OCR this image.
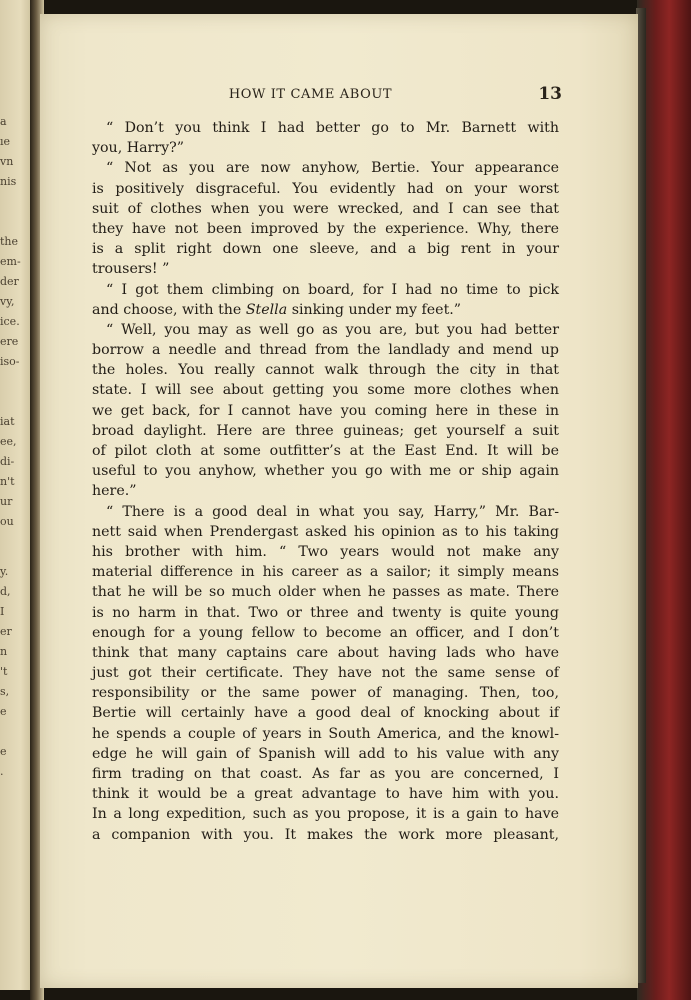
a
ıe
vn
nis
the
em-
der
vy,
ice.
ere
iso-
iat
ee,
di-
n't
ur
ou
y.
d,
I
er
n
't
s,
e
e
.
HOW IT CAME ABOUT	13
“ Don’t you think I had better go to Mr. Barnett with
you, Harry?”
“ Not as you are now anyhow, Bertie. Your appearance
is positively disgraceful. You evidently had on your worst
suit of clothes when you were wrecked, and I can see that
they have not been improved by the experience. Why, there
is a split right down one sleeve, and a big rent in your
trousers! ”
“ I got them climbing on board, for I had no time to pick
and choose, with the Stella sinking under my feet.”
“ Well, you may as well go as you are, but you had better
borrow a needle and thread from the landlady and mend up
the holes. You really cannot walk through the city in that
state. I will see about getting you some more clothes when
we get back, for I cannot have you coming here in these in
broad daylight. Here are three guineas; get yourself a suit
of pilot cloth at some outfitter’s at the East End. It will be
useful to you anyhow, whether you go with me or ship again
here.”
“ There is a good deal in what you say, Harry,” Mr. Bar-
nett said when Prendergast asked his opinion as to his taking
his brother with him. “ Two years would not make any
material difference in his career as a sailor; it simply means
that he will be so much older when he passes as mate. There
is no harm in that. Two or three and twenty is quite young
enough for a young fellow to become an officer, and I don’t
think that many captains care about having lads who have
just got their certificate. They have not the same sense of
responsibility or the same power of managing. Then, too,
Bertie will certainly have a good deal of knocking about if
he spends a couple of years in South America, and the knowl-
edge he will gain of Spanish will add to his value with any
firm trading on that coast. As far as you are concerned, I
think it would be a great advantage to have him with you.
In a long expedition, such as you propose, it is a gain to have
a companion with you. It makes the work more pleasant,
